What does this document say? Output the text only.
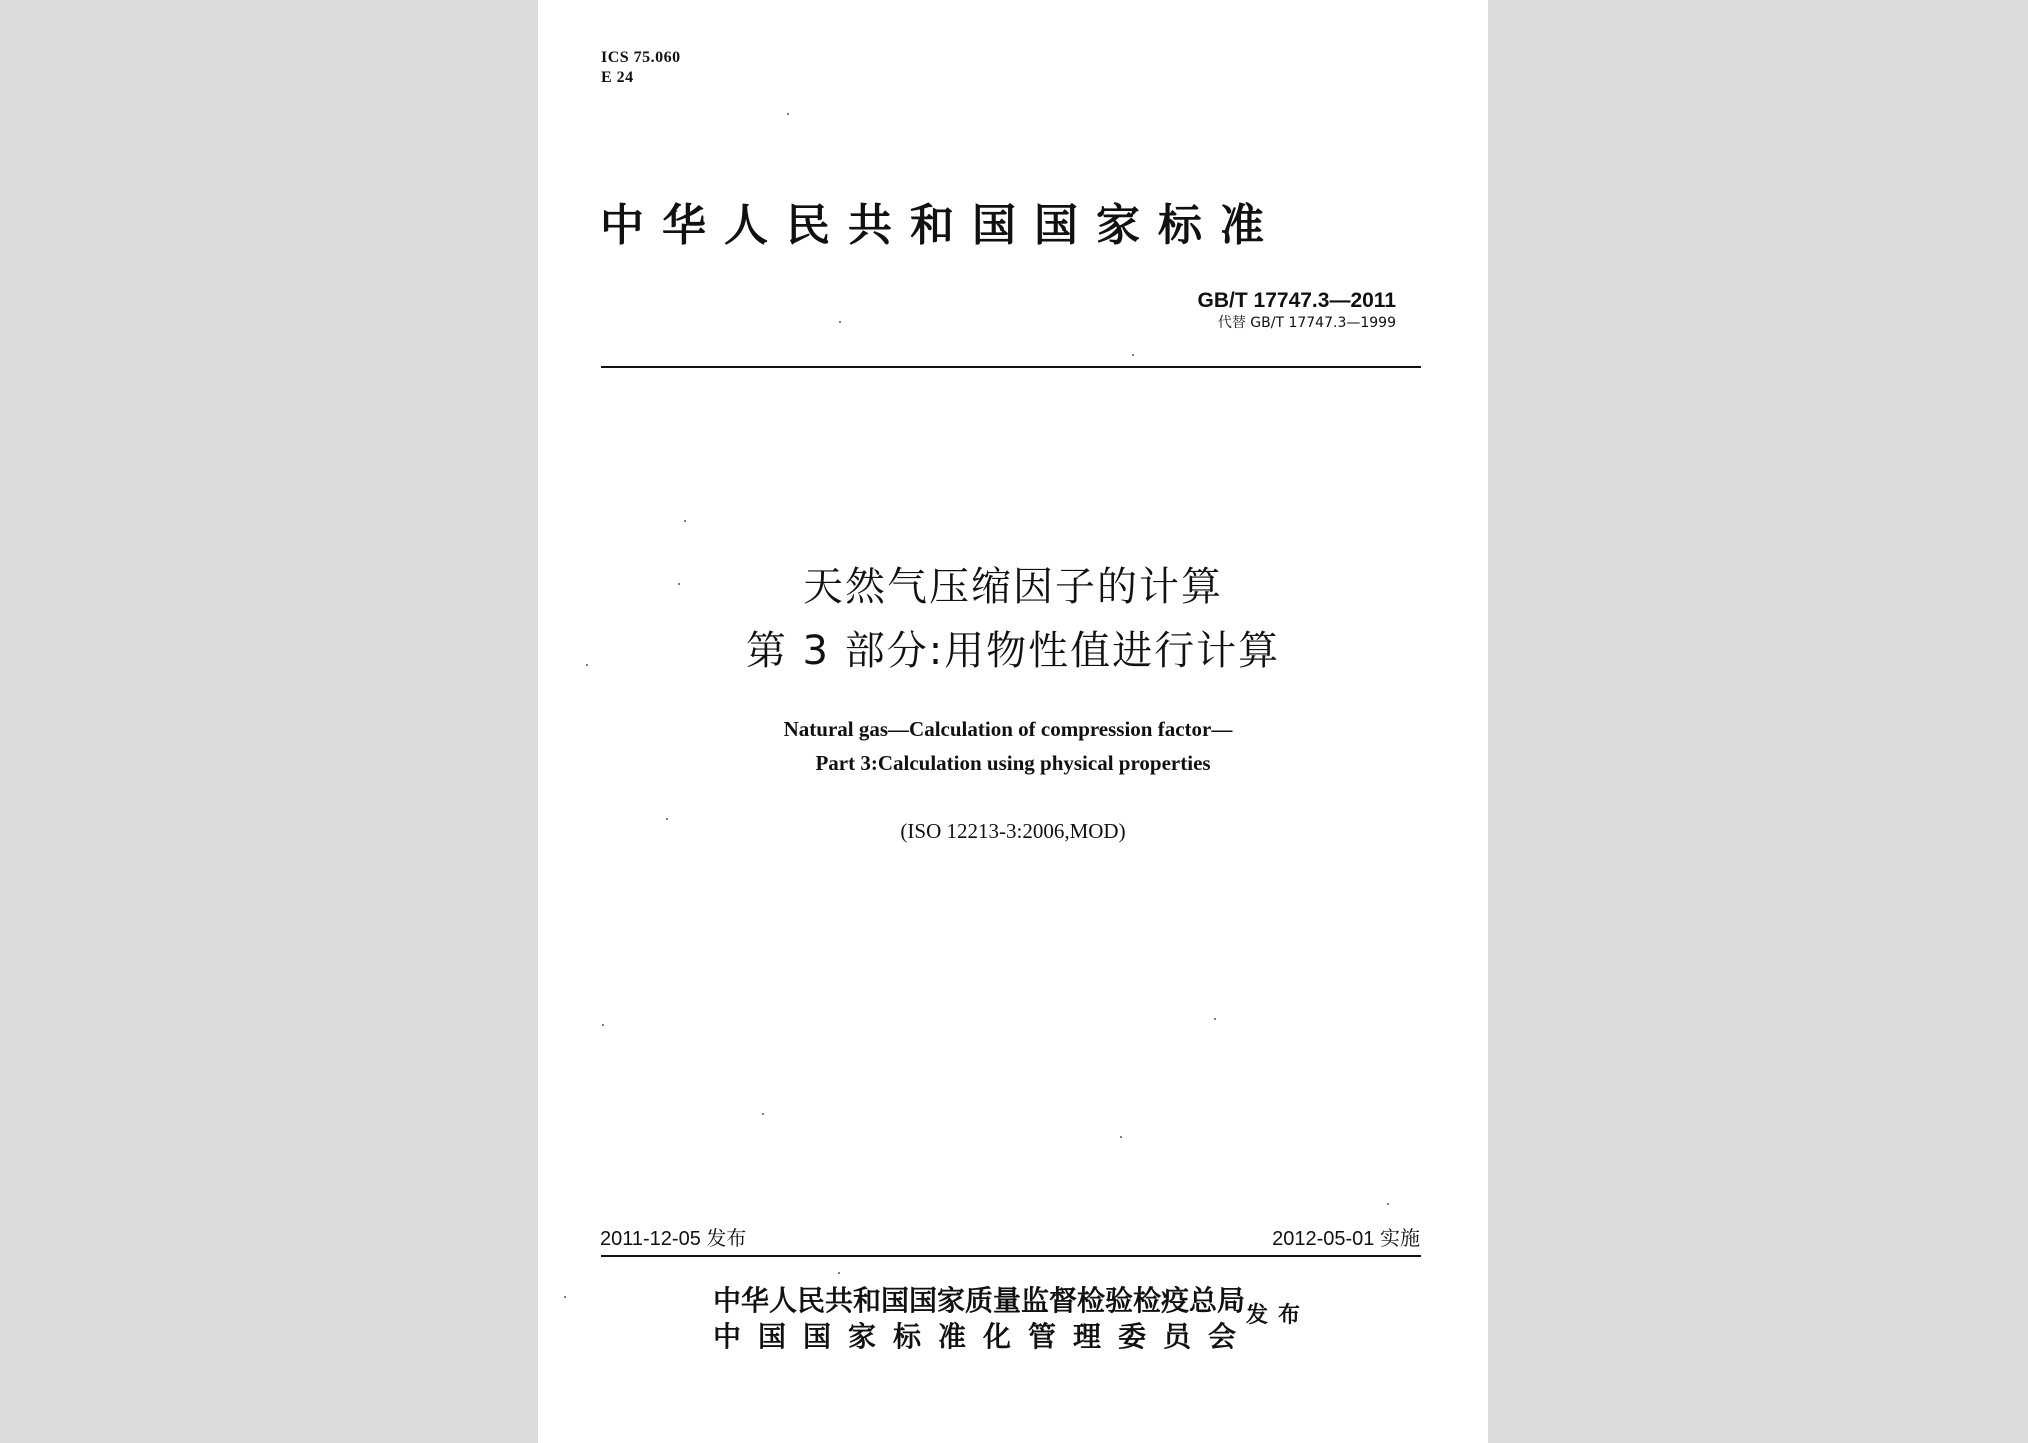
ICS 75.060
E 24
中华人民共和国国家标准
GB/T 17747.3—2011
代替 GB/T 17747.3—1999
天然气压缩因子的计算
第 3 部分:用物性值进行计算
Natural gas—Calculation of compression factor—
Part 3:Calculation using physical properties
(ISO 12213-3:2006,MOD)
2011-12-05 发布	2012-05-01 实施
中华人民共和国国家质量监督检验检疫总局
中国国家标准化管理委员会
发布
